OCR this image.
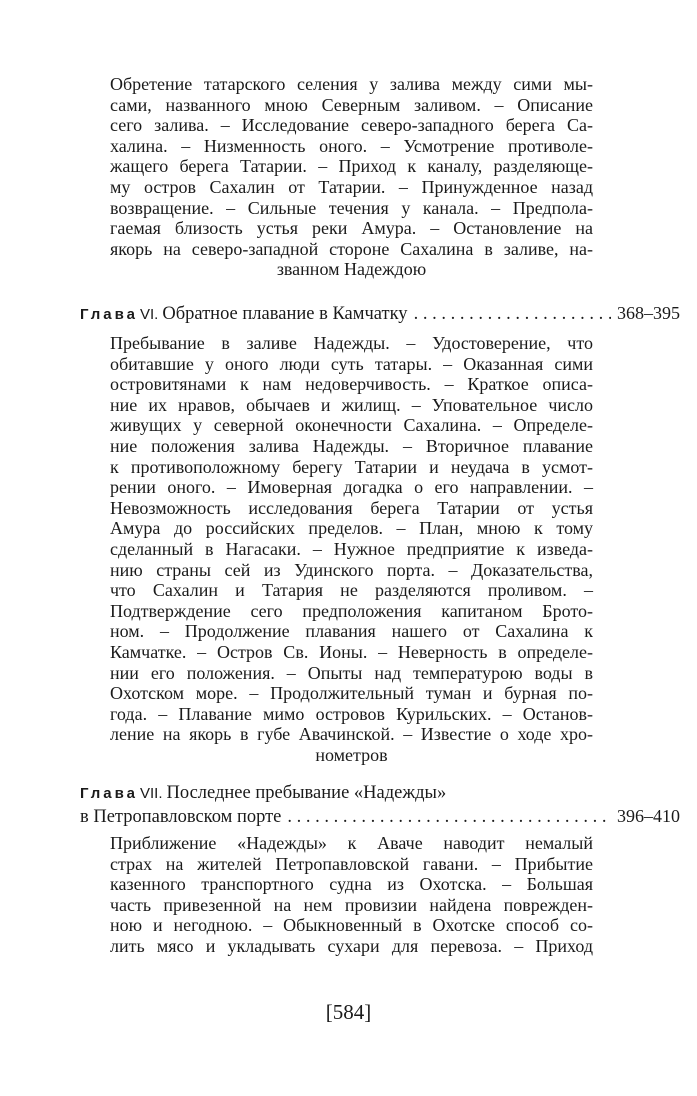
Обретение татарского селения у залива между сими мы-
сами, названного мною Северным заливом. – Описание
сего залива. – Исследование северо-западного берега Са-
халина. – Низменность оного. – Усмотрение противоле-
жащего берега Татарии. – Приход к каналу, разделяюще-
му остров Сахалин от Татарии. – Принужденное назад
возвращение. – Сильные течения у канала. – Предпола-
гаемая близость устья реки Амура. – Остановление на
якорь на северо-западной стороне Сахалина в заливе, на-
званном Надеждою
Глава VI. Обратное плавание в Камчатку . . .	368–395
Пребывание в заливе Надежды. – Удостоверение, что
обитавшие у оного люди суть татары. – Оказанная сими
островитянами к нам недоверчивость. – Краткое описа-
ние их нравов, обычаев и жилищ. – Уповательное число
живущих у северной оконечности Сахалина. – Определе-
ние положения залива Надежды. – Вторичное плавание
к противоположному берегу Татарии и неудача в усмот-
рении оного. – Имоверная догадка о его направлении. –
Невозможность исследования берега Татарии от устья
Амура до российских пределов. – План, мною к тому
сделанный в Нагасаки. – Нужное предприятие к изведа-
нию страны сей из Удинского порта. – Доказательства,
что Сахалин и Татария не разделяются проливом. –
Подтверждение сего предположения капитаном Брото-
ном. – Продолжение плавания нашего от Сахалина к
Камчатке. – Остров Св. Ионы. – Неверность в определе-
нии его положения. – Опыты над температурою воды в
Охотском море. – Продолжительный туман и бурная по-
года. – Плавание мимо островов Курильских. – Останов-
ление на якорь в губе Авачинской. – Известие о ходе хро-
нометров
Глава VII. Последнее пребывание «Надежды»
в Петропавловском порте . . .	396–410
Приближение «Надежды» к Аваче наводит немалый
страх на жителей Петропавловской гавани. – Прибытие
казенного транспортного судна из Охотска. – Большая
часть привезенной на нем провизии найдена поврежден-
ною и негодною. – Обыкновенный в Охотске способ со-
лить мясо и укладывать сухари для перевоза. – Приход
[584]
